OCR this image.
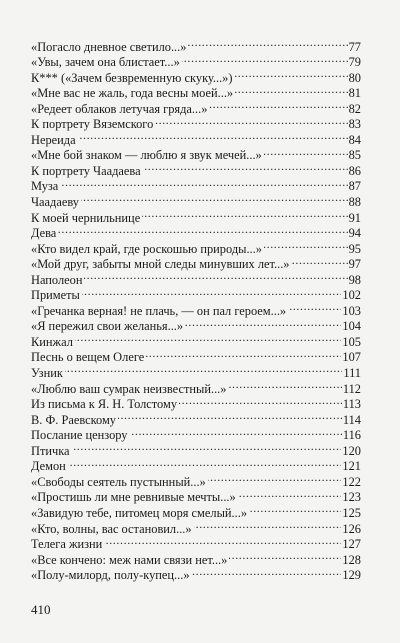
«Погасло дневное светило...» . . .	77
«Увы, зачем она блистает...» . . .	79
К*** («Зачем безвременную скуку...») . . .	80
«Мне вас не жаль, года весны моей...» . . .	81
«Редеет облаков летучая гряда...» . . .	82
К портрету Вяземского . . .	83
Нереида . . .	84
«Мне бой знаком — люблю я звук мечей...» . . .	85
К портрету Чаадаева . . .	86
Муза . . .	87
Чаадаеву . . .	88
К моей чернильнице . . .	91
Дева . . .	94
«Кто видел край, где роскошью природы...» . . .	95
«Мой друг, забыты мной следы минувших лет...» . . .	97
Наполеон . . .	98
Приметы . . .	102
«Гречанка верная! не плачь, — он пал героем...» . . .	103
«Я пережил свои желанья...» . . .	104
Кинжал . . .	105
Песнь о вещем Олеге . . .	107
Узник . . .	111
«Люблю ваш сумрак неизвестный...» . . .	112
Из письма к Я. Н. Толстому . . .	113
В. Ф. Раевскому . . .	114
Послание цензору . . .	116
Птичка . . .	120
Демон . . .	121
«Свободы сеятель пустынный...» . . .	122
«Простишь ли мне ревнивые мечты...» . . .	123
«Завидую тебе, питомец моря смелый...» . . .	125
«Кто, волны, вас остановил...» . . .	126
Телега жизни . . .	127
«Все кончено: меж нами связи нет...» . . .	128
«Полу-милорд, полу-купец...» . . .	129
410
